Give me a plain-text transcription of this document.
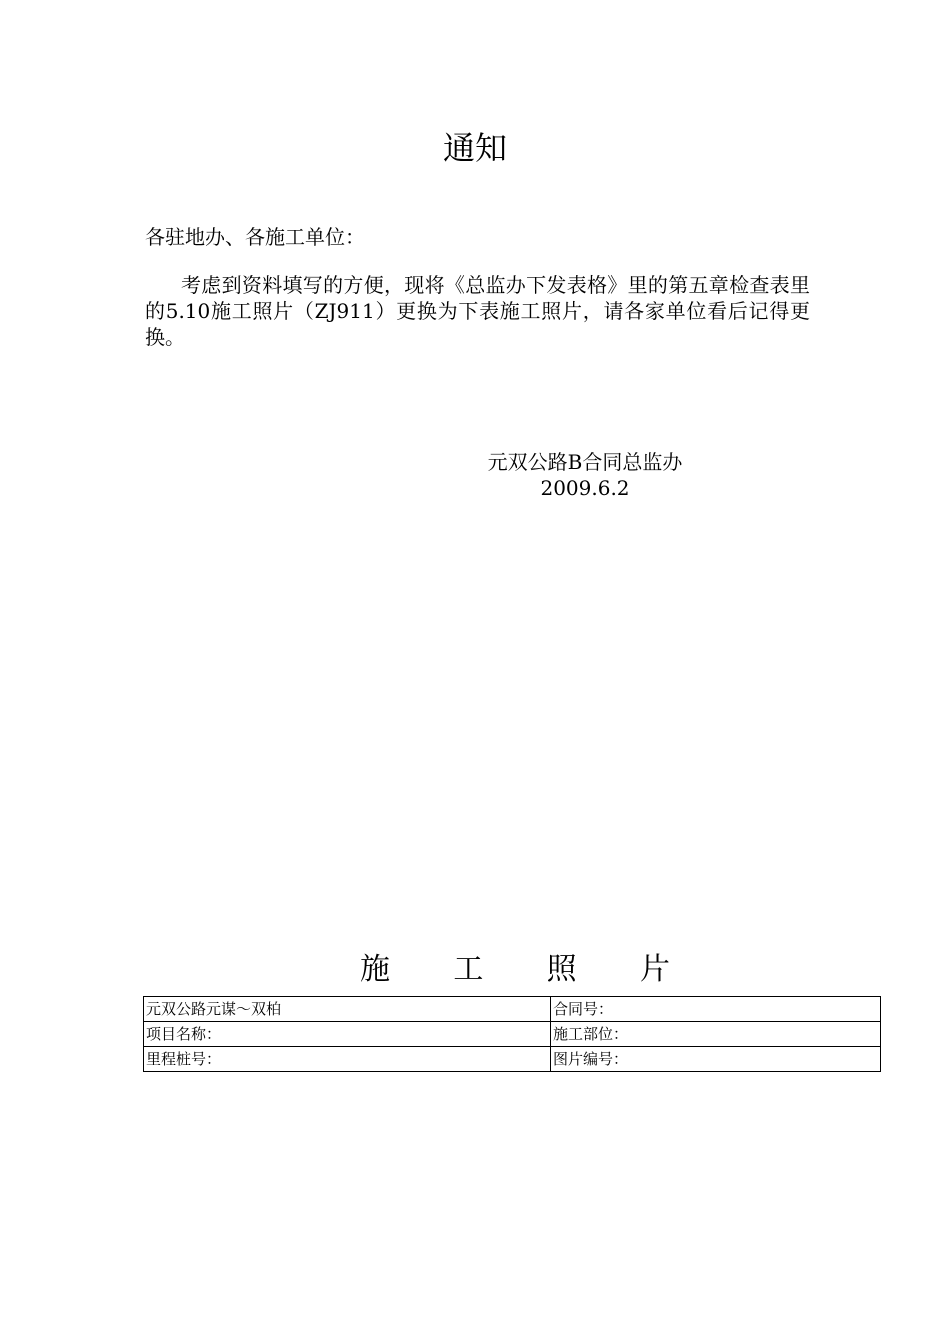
通知
各驻地办、各施工单位：
考虑到资料填写的方便，现将《总监办下发表格》里的第五章检查表里的5.10施工照片（ZJ911）更换为下表施工照片，请各家单位看后记得更换。
元双公路B合同总监办
2009.6.2
施 工 照 片
元双公路元谋～双柏	合同号：
项目名称：	施工部位：
里程桩号：	图片编号：
